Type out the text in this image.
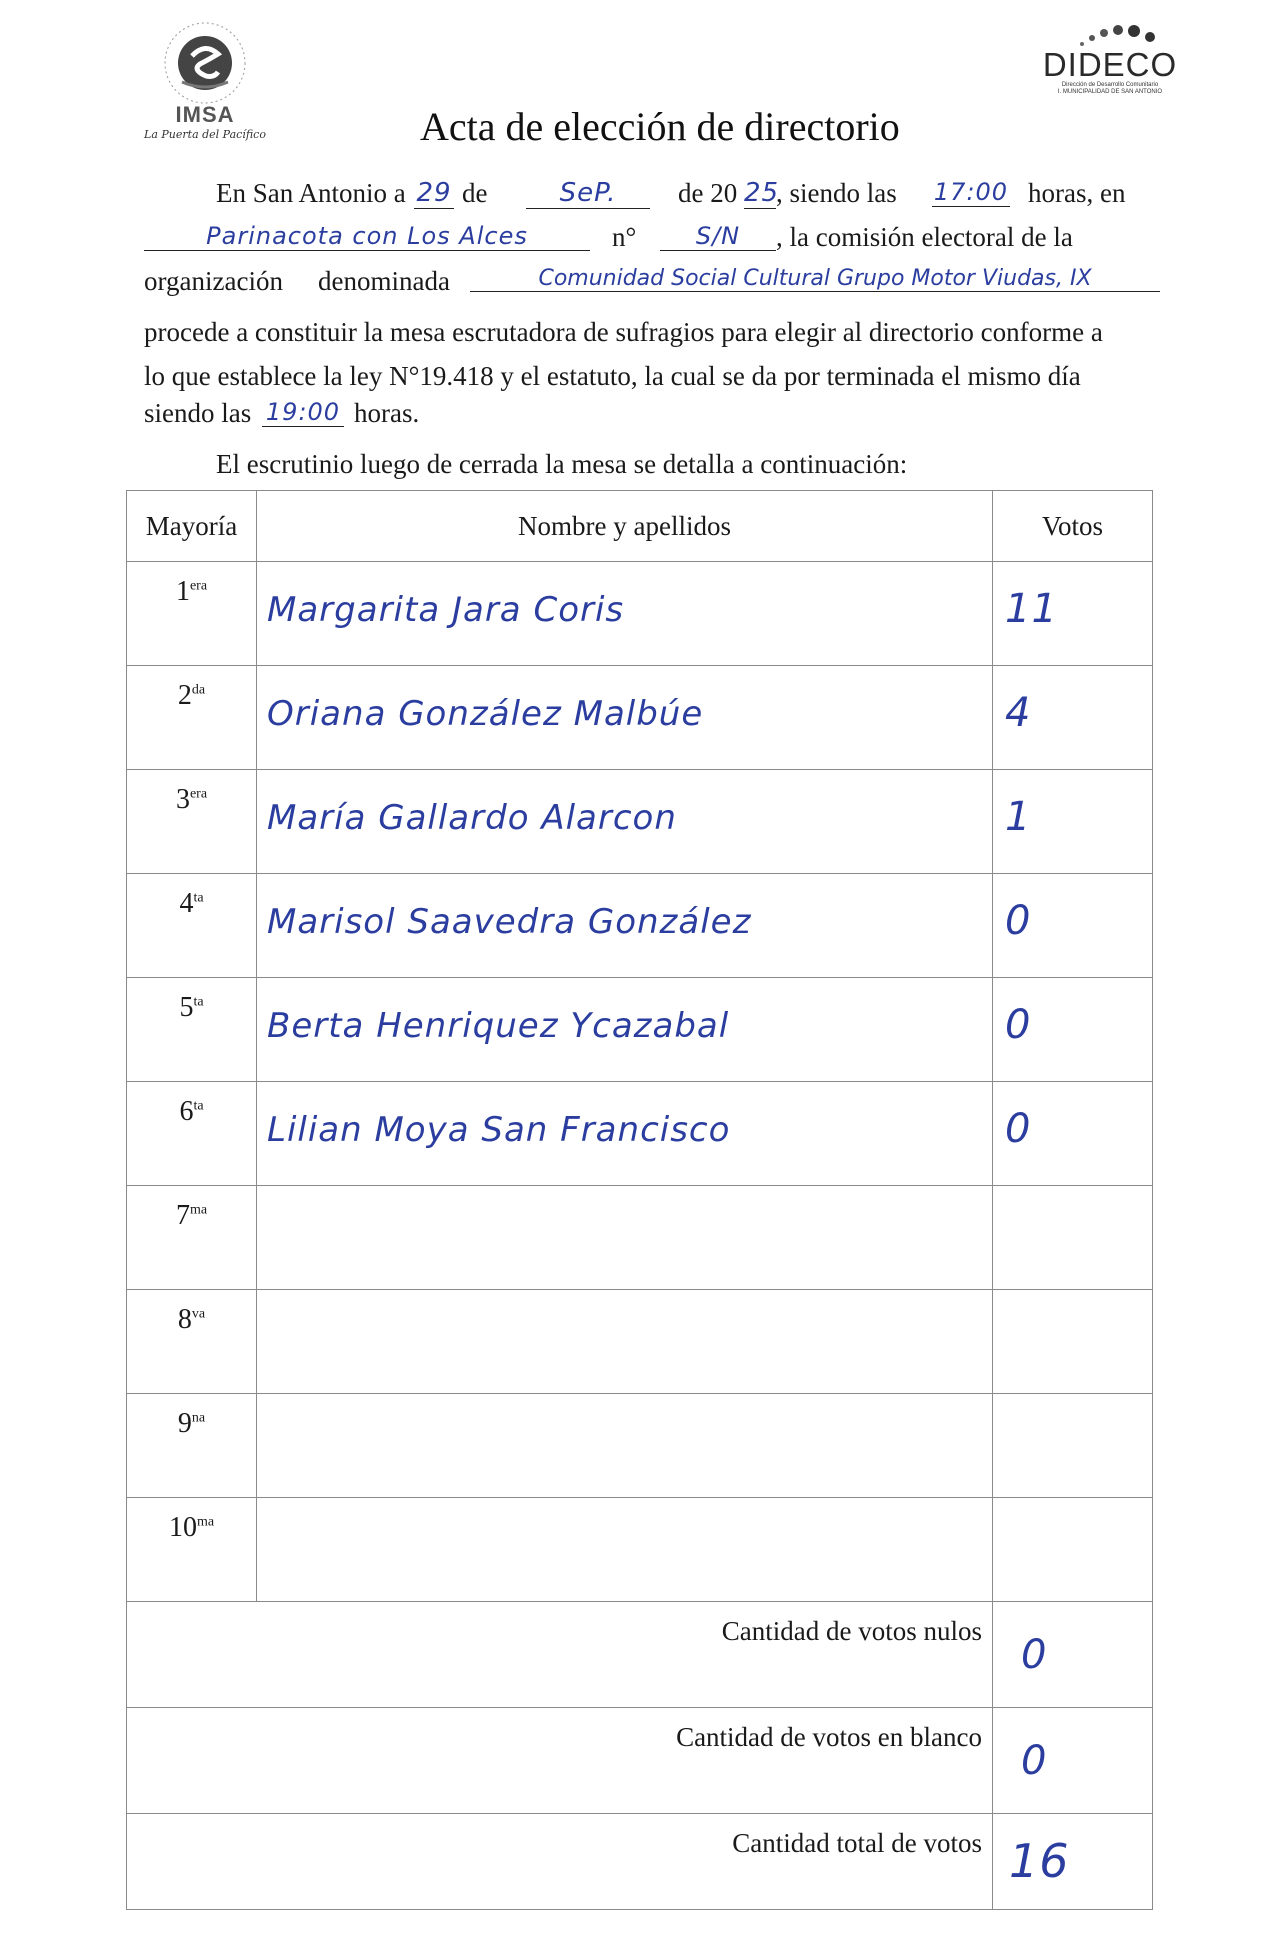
IMSA
La Puerta del Pacífico
DIDECO
Dirección de Desarrollo Comunitario
I. MUNICIPALIDAD DE SAN ANTONIO
Acta de elección de directorio
En San Antonio a 29 de	SeP.	de 20 25
, siendo las 17:00 horas, en
Parinacota con Los Alces	n°	S/N	, la comisión electoral de la
organización denominada	Comunidad Social Cultural Grupo Motor Viudas, IX
procede a constituir la mesa escrutadora de sufragios para elegir al directorio conforme a
lo que establece la ley N°19.418 y el estatuto, la cual se da por terminada el mismo día
siendo las 19:00 horas.
El escrutinio luego de cerrada la mesa se detalla a continuación:
Mayoría	Nombre y apellidos	Votos
$1^{era}$	Margarita Jara Coris	11
$2^{da}$	Oriana González Malbúe	4
$3^{era}$	María Gallardo Alarcon	1
$4^{ta}$	Marisol Saavedra González	0
$5^{ta}$	Berta Henriquez Ycazabal	0
$6^{ta}$	Lilian Moya San Francisco	0
$7^{ma}$		
$8^{va}$		
$9^{na}$		
$10^{ma}$		
Cantidad de votos nulos		0
Cantidad de votos en blanco		0
Cantidad total de votos		16
